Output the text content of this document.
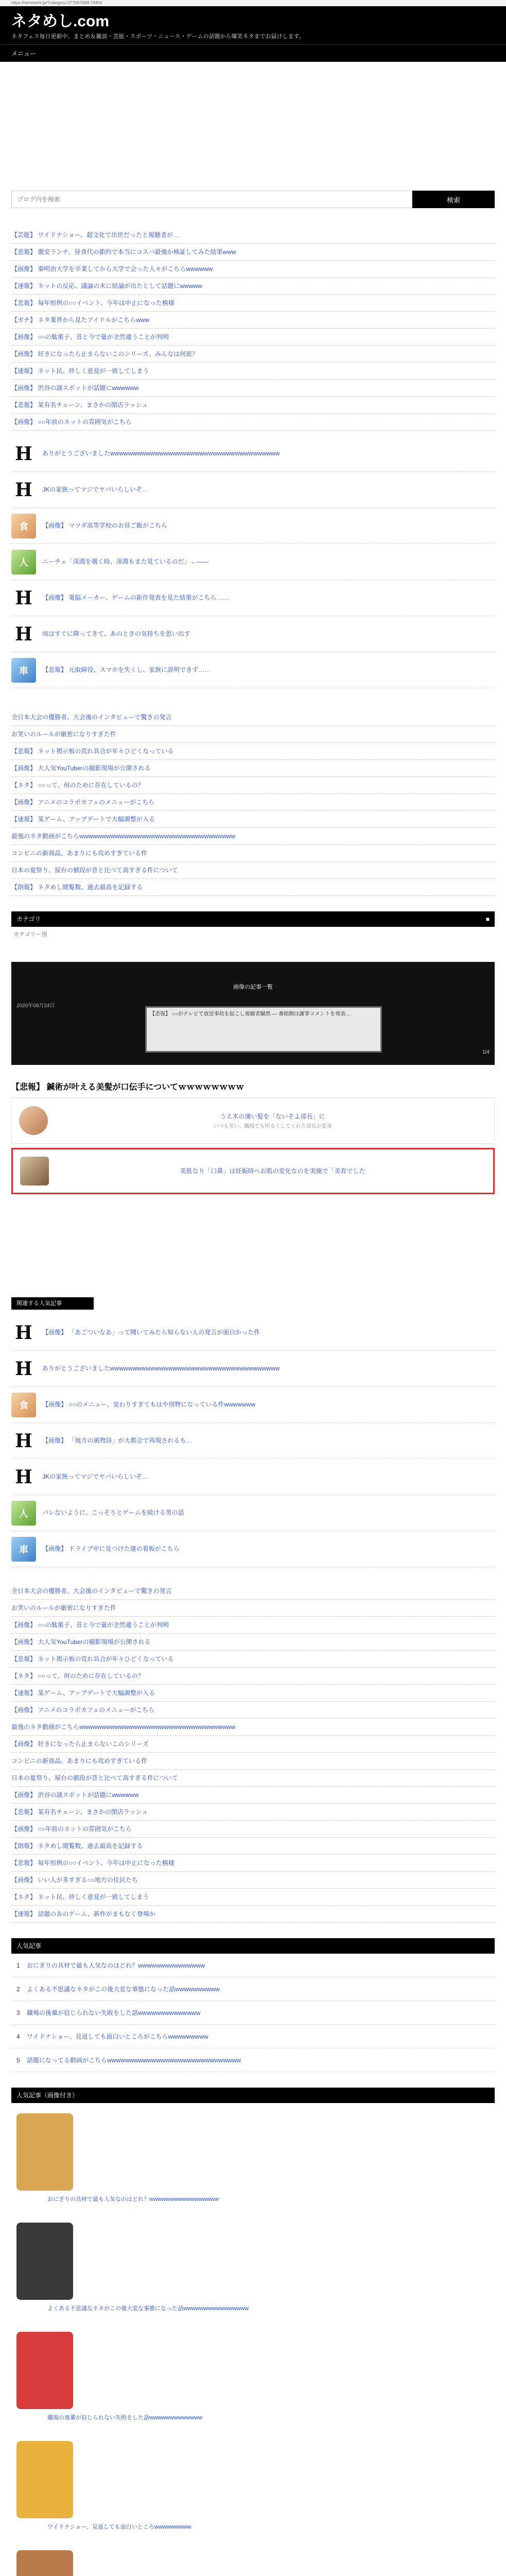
https://nenmeshi.jp/?category=37756758/8.744h4
ネタめし.com
ネタフェス毎日更新中。まとめ＆雑談・芸能・スポーツ・ニュース・ゲームの話題から爆笑ネタまでお届けします。
メニュー
ブログ内を検索
検索
【芸能】 ワイドナショー、超文化で出世だったと視聴者が…
【悲報】 激安ランチ、昼食代の節約で本当にコスパ最強か検証してみた結果www
【画像】 秦明治大学を卒業してから大学で会った人々がこちらwwwwww
【速報】 ネットの反応、議論の末に結論が出たとして話題にwwwww
【悲報】 毎年恒例の○○イベント、今年は中止になった模様
【ガチ】 ネタ業界から見たアイドルがこちらwww
【画像】 ○○の駄菓子、昔と今で量が全然違うことが判明
【画像】 好きになったら止まらないこのシリーズ、みんなは何派？
【速報】 ネット民、珍しく意見が一致してしまう
【画像】 渋谷の謎スポットが話題にwwwwww
【悲報】 某有名チェーン、まさかの閉店ラッシュ
【画像】 ○○年前のネットの雰囲気がこちら
H	ありがとうございましたwwwwwwwwwwwwwwwwwwwwwwwwwwwwwwwwwwwwww
H	JKの家族ってマジでヤバいらしいぞ…
食	【画像】 マツダ高等学校のお昼ご飯がこちら
人	ニーチェ「深淵を覗く時、深淵もまた見ているのだ」←――
H	【画像】 電脳メーカー、ゲームの新作発表を見た結果がこちら……
H	雨はすぐに降ってきて、あのときの気持ちを思い出す
車	【悲報】 元取締役、スマホを失くし、家族に説明できず……
全日本大会の優勝者、大会後のインタビューで驚きの発言
お笑いのルールが厳密になりすぎた件
【悲報】 ネット掲示板の荒れ具合が年々ひどくなっている
【画像】 大人気YouTuberの撮影現場が公開される
【ネタ】 ○○って、何のために存在しているの？
【画像】 アニメのコラボカフェのメニューがこちら
【速報】 某ゲーム、アップデートで大幅調整が入る
最強のネタ動画がこちらwwwwwwwwwwwwwwwwwwwwwwwwwwwwwwwwwww
コンビニの新商品、あまりにも攻めすぎている件
日本の夏祭り、屋台の値段が昔と比べて高すぎる件について
【朗報】 ネタめし閲覧数、過去最高を記録する
カテゴリ	■
カテゴリー別
画像の記事一覧
2020年09月24日
【悲報】 ○○がテレビで放送事故を起こし視聴者騒然 ― 番組側は謝罪コメントを発表…
1/4
【悲報】 鍼術が叶える美髪が口伝手についてｗｗｗｗｗｗｗｗ
うえ木の薄い髪を「ないそよ部長」に
いつも笑い、職場でも明るくしてくれた部長が変身
美肌なり「口鼻」は妊娠時へお肌の変化なのを実施で「美育でした
関連する人気記事
H	【画像】 「あごついなあ」って聞いてみたら知らない人の発言が面白かった件
H	ありがとうございましたwwwwwwwwwwwwwwwwwwwwwwwwwwwwwwwwwwwwww
食	【画像】 ○○のメニュー、変わりすぎてもはや別物になっている件wwwwwww
H	【画像】 「地方の風物詩」が大都会で再現されるも…
H	JKの家族ってマジでヤバいらしいぞ…
人	バレないように、こっそりとゲームを続ける男の話
車	【画像】 ドライブ中に見つけた謎の看板がこちら
全日本大会の優勝者、大会後のインタビューで驚きの発言
お笑いのルールが厳密になりすぎた件
【画像】 ○○の駄菓子、昔と今で量が全然違うことが判明
【画像】 大人気YouTuberの撮影現場が公開される
【悲報】 ネット掲示板の荒れ具合が年々ひどくなっている
【ネタ】 ○○って、何のために存在しているの？
【速報】 某ゲーム、アップデートで大幅調整が入る
【画像】 アニメのコラボカフェのメニューがこちら
最強のネタ動画がこちらwwwwwwwwwwwwwwwwwwwwwwwwwwwwwwwwwww
【画像】 好きになったら止まらないこのシリーズ
コンビニの新商品、あまりにも攻めすぎている件
日本の夏祭り、屋台の値段が昔と比べて高すぎる件について
【画像】 渋谷の謎スポットが話題にwwwwww
【悲報】 某有名チェーン、まさかの閉店ラッシュ
【画像】 ○○年前のネットの雰囲気がこちら
【朗報】 ネタめし閲覧数、過去最高を記録する
【悲報】 毎年恒例の○○イベント、今年は中止になった模様
【画像】 いい人が多すぎる○○地方の住民たち
【ネタ】 ネット民、珍しく意見が一致してしまう
【速報】 話題のあのゲーム、新作がまもなく登場か
人気記事
1 おにぎりの具材で最も人気なのはどれ？wwwwwwwwwwwwwww
2 よくある不思議なネタがこの後大変な事態になった話wwwwwwwwww
3 職場の後輩が信じられない失敗をした話wwwwwwwwwwwwww
4 ワイドナショー、見返しても面白いところがこちらwwwwwwwww
5 話題になってる動画がこちらwwwwwwwwwwwwwwwwwwwwwwwwwwwwww
人気記事（画像付き）
おにぎりの具材で最も人気なのはどれ？wwwwwwwwwwwwwwwww
よくある不思議なネタがこの後大変な事態になった話wwwwwwwwwwwwwwww
職場の後輩が信じられない失敗をした話wwwwwwwwwwwww
ワイドナショー、見返しても面白いところwwwwwwwww
